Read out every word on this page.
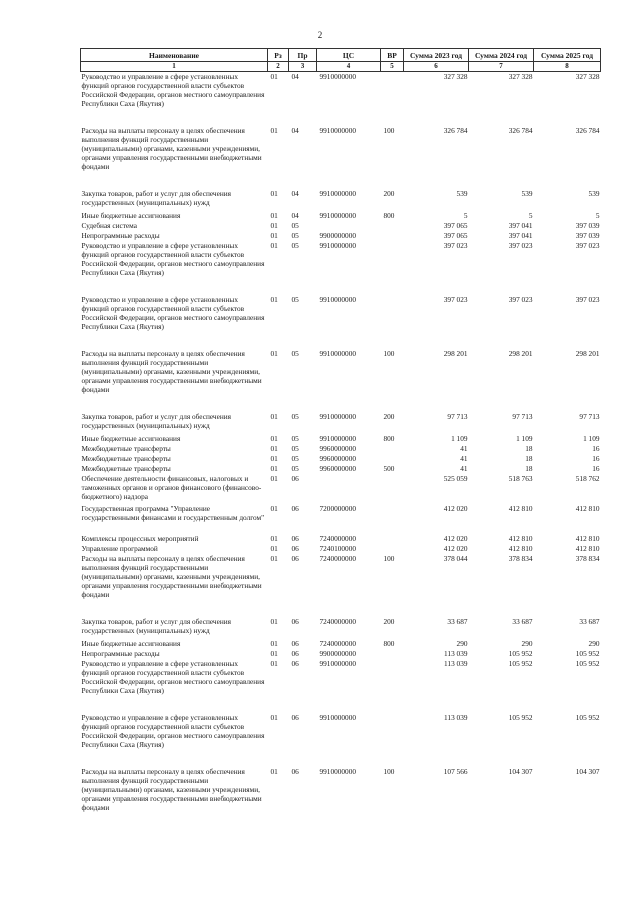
2
Наименование	Рз	Пр	ЦС	ВР	Сумма 2023 год	Сумма 2024 год	Сумма 2025 год
1	2	3	4	5	6	7	8
Руководство и управление в сфере установленных функций органов государственной власти субъектов Российской Федерации, органов местного самоуправления Республики Саха (Якутия)	01	04	9910000000		327 328	327 328	327 328
Расходы на выплаты персоналу в целях обеспечения выполнения функций государственными (муниципальными) органами, казенными учреждениями, органами управления государственными внебюджетными фондами	01	04	9910000000	100	326 784	326 784	326 784
Закупка товаров, работ и услуг для обеспечения государственных (муниципальных) нужд	01	04	9910000000	200	539	539	539
Иные бюджетные ассигнования	01	04	9910000000	800	5	5	5
Судебная система	01	05			397 065	397 041	397 039
Непрограммные расходы	01	05	9900000000		397 065	397 041	397 039
Руководство и управление в сфере установленных функций органов государственной власти субъектов Российской Федерации, органов местного самоуправления Республики Саха (Якутия)	01	05	9910000000		397 023	397 023	397 023
Руководство и управление в сфере установленных функций органов государственной власти субъектов Российской Федерации, органов местного самоуправления Республики Саха (Якутия)	01	05	9910000000		397 023	397 023	397 023
Расходы на выплаты персоналу в целях обеспечения выполнения функций государственными (муниципальными) органами, казенными учреждениями, органами управления государственными внебюджетными фондами	01	05	9910000000	100	298 201	298 201	298 201
Закупка товаров, работ и услуг для обеспечения государственных (муниципальных) нужд	01	05	9910000000	200	97 713	97 713	97 713
Иные бюджетные ассигнования	01	05	9910000000	800	1 109	1 109	1 109
Межбюджетные трансферты	01	05	9960000000		41	18	16
Межбюджетные трансферты	01	05	9960000000		41	18	16
Межбюджетные трансферты	01	05	9960000000	500	41	18	16
Обеспечение деятельности финансовых, налоговых и таможенных органов и органов финансового (финансово-бюджетного) надзора	01	06			525 059	518 763	518 762
Государственная программа "Управление государственными финансами и государственным долгом"	01	06	7200000000		412 020	412 810	412 810
Комплексы процессных мероприятий	01	06	7240000000		412 020	412 810	412 810
Управление программой	01	06	7240100000		412 020	412 810	412 810
Расходы на выплаты персоналу в целях обеспечения выполнения функций государственными (муниципальными) органами, казенными учреждениями, органами управления государственными внебюджетными фондами	01	06	7240000000	100	378 044	378 834	378 834
Закупка товаров, работ и услуг для обеспечения государственных (муниципальных) нужд	01	06	7240000000	200	33 687	33 687	33 687
Иные бюджетные ассигнования	01	06	7240000000	800	290	290	290
Непрограммные расходы	01	06	9900000000		113 039	105 952	105 952
Руководство и управление в сфере установленных функций органов государственной власти субъектов Российской Федерации, органов местного самоуправления Республики Саха (Якутия)	01	06	9910000000		113 039	105 952	105 952
Руководство и управление в сфере установленных функций органов государственной власти субъектов Российской Федерации, органов местного самоуправления Республики Саха (Якутия)	01	06	9910000000		113 039	105 952	105 952
Расходы на выплаты персоналу в целях обеспечения выполнения функций государственными (муниципальными) органами, казенными учреждениями, органами управления государственными внебюджетными фондами	01	06	9910000000	100	107 566	104 307	104 307
